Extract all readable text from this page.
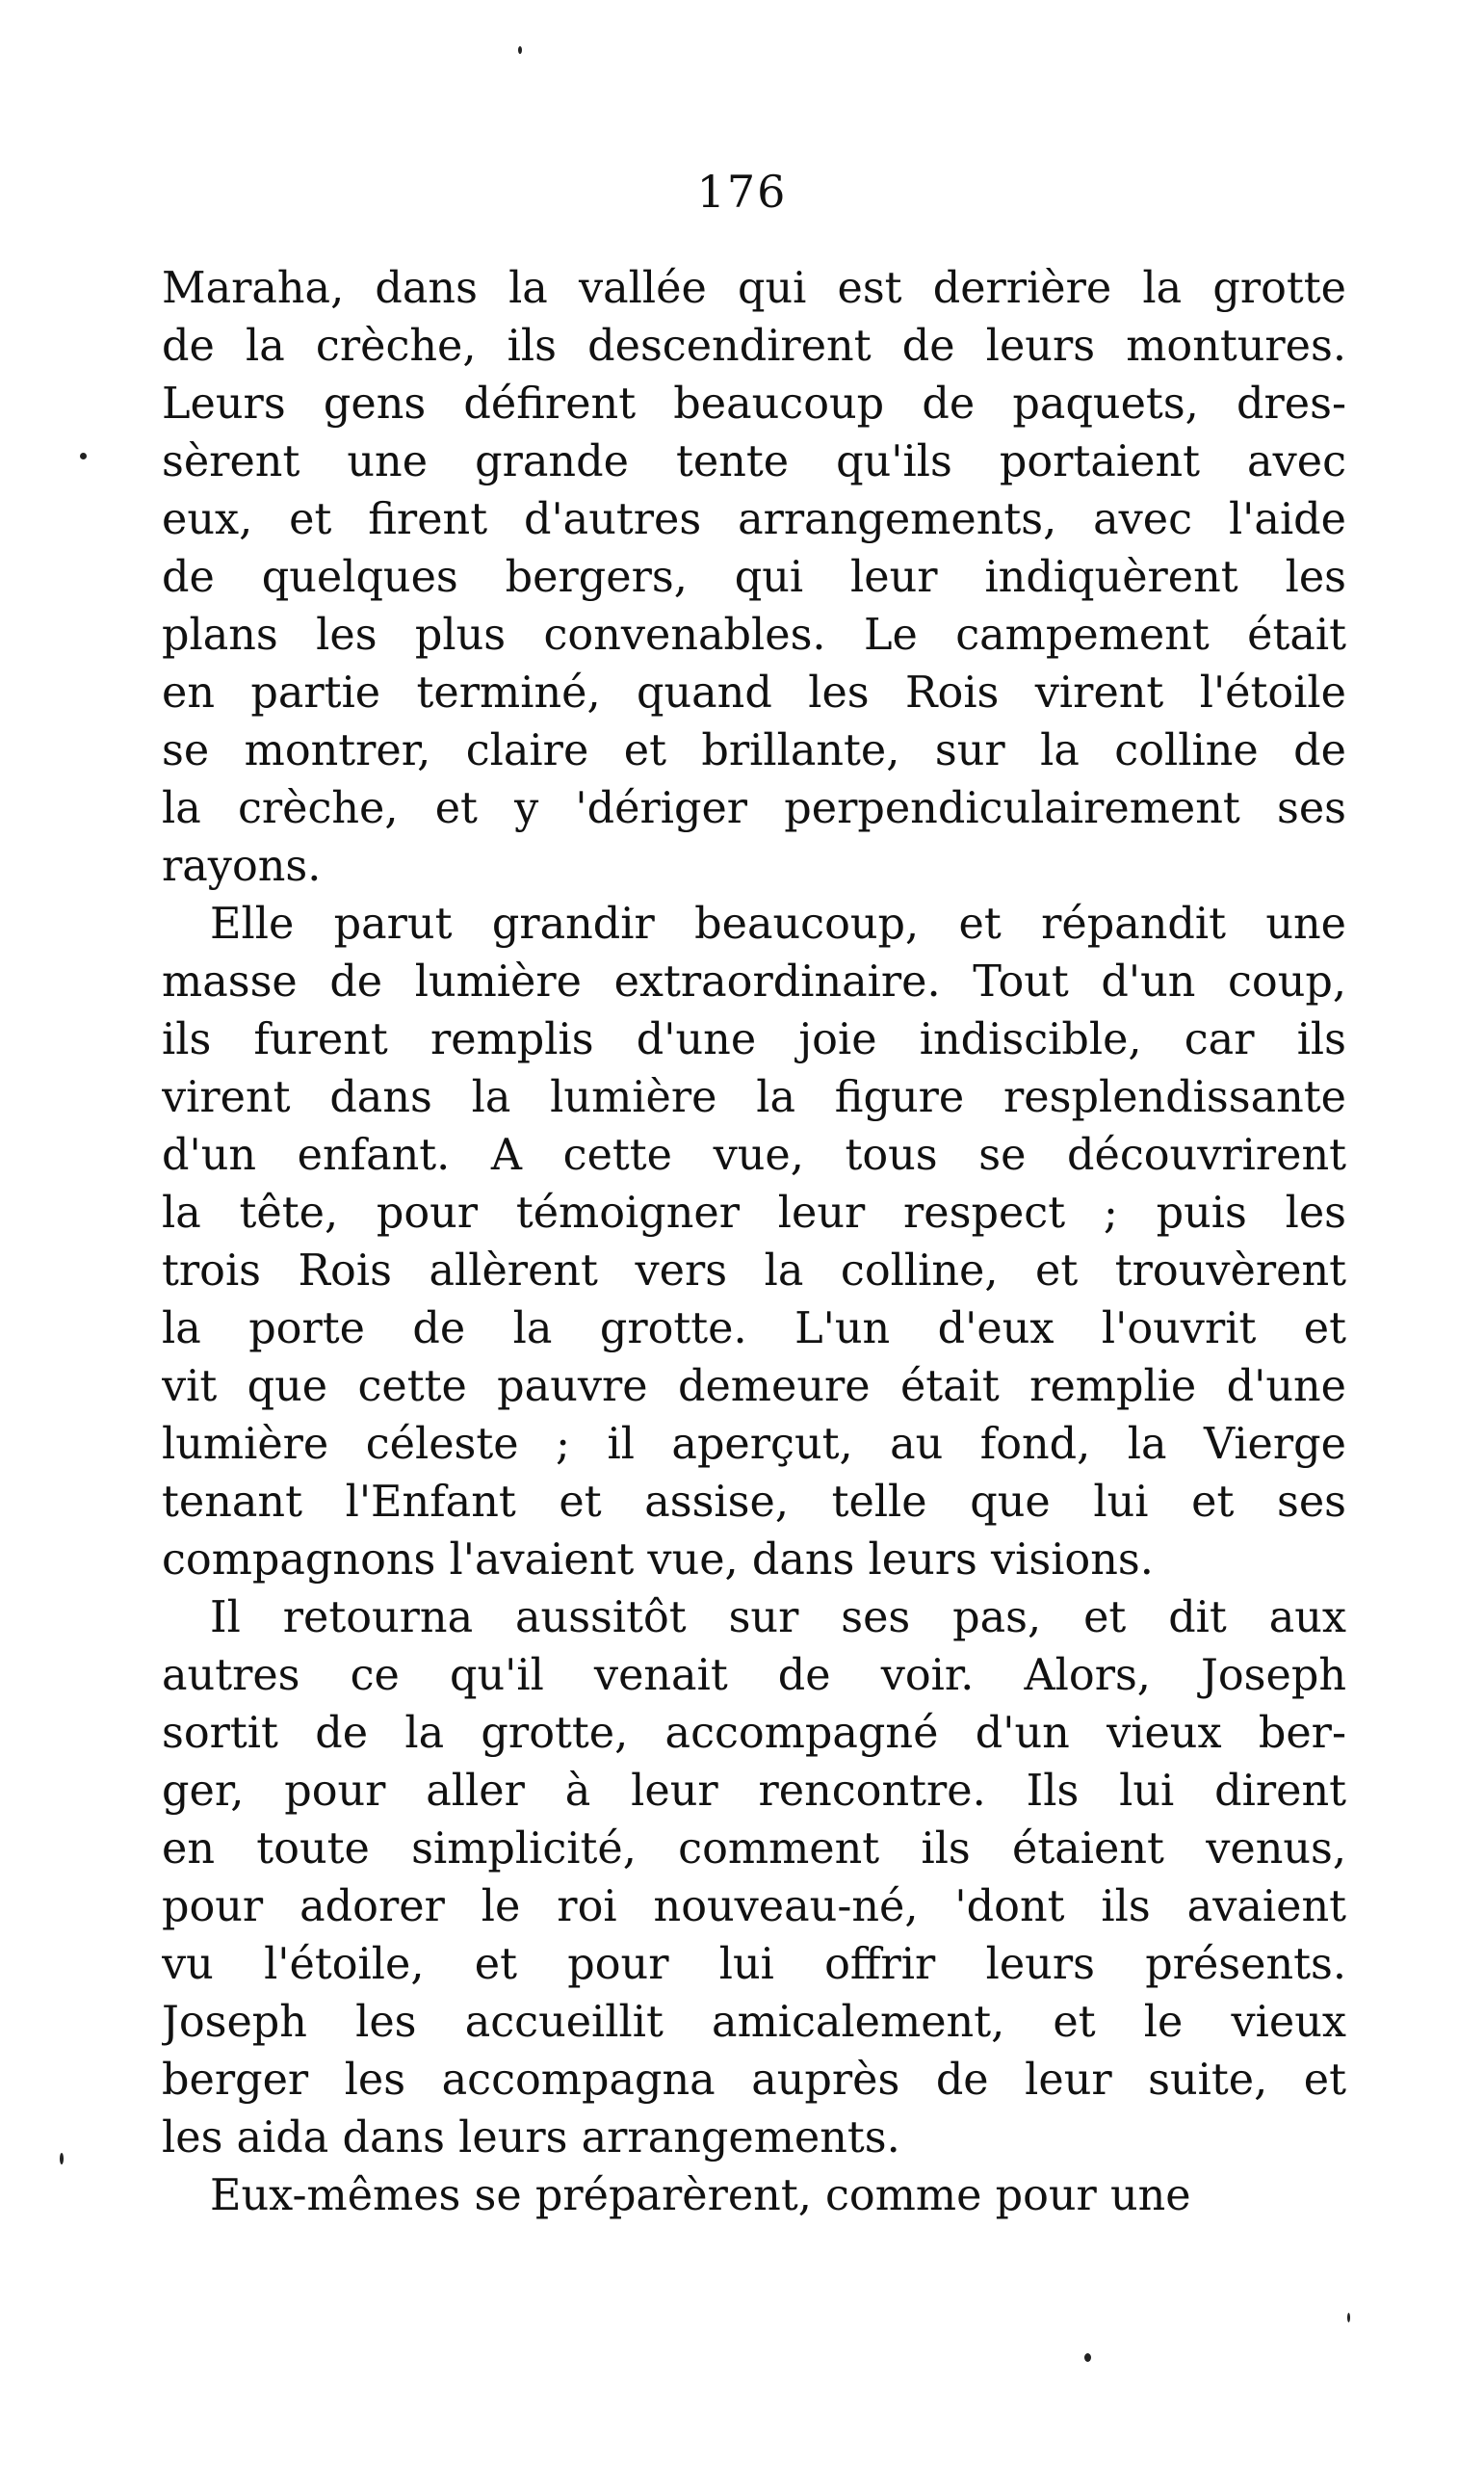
176
Maraha, dans la vallée qui est derrière la grotte
de la crèche, ils descendirent de leurs montures.
Leurs gens défirent beaucoup de paquets, dres-
sèrent une grande tente qu'ils portaient avec
eux, et firent d'autres arrangements, avec l'aide
de quelques bergers, qui leur indiquèrent les
plans les plus convenables. Le campement était
en partie terminé, quand les Rois virent l'étoile
se montrer, claire et brillante, sur la colline de
la crèche, et y 'dériger perpendiculairement ses
rayons.
Elle parut grandir beaucoup, et répandit une
masse de lumière extraordinaire. Tout d'un coup,
ils furent remplis d'une joie indiscible, car ils
virent dans la lumière la figure resplendissante
d'un enfant. A cette vue, tous se découvrirent
la tête, pour témoigner leur respect ; puis les
trois Rois allèrent vers la colline, et trouvèrent
la porte de la grotte. L'un d'eux l'ouvrit et
vit que cette pauvre demeure était remplie d'une
lumière céleste ; il aperçut, au fond, la Vierge
tenant l'Enfant et assise, telle que lui et ses
compagnons l'avaient vue, dans leurs visions.
Il retourna aussitôt sur ses pas, et dit aux
autres ce qu'il venait de voir. Alors, Joseph
sortit de la grotte, accompagné d'un vieux ber-
ger, pour aller à leur rencontre. Ils lui dirent
en toute simplicité, comment ils étaient venus,
pour adorer le roi nouveau-né, 'dont ils avaient
vu l'étoile, et pour lui offrir leurs présents.
Joseph les accueillit amicalement, et le vieux
berger les accompagna auprès de leur suite, et
les aida dans leurs arrangements.
Eux-mêmes se préparèrent, comme pour une
